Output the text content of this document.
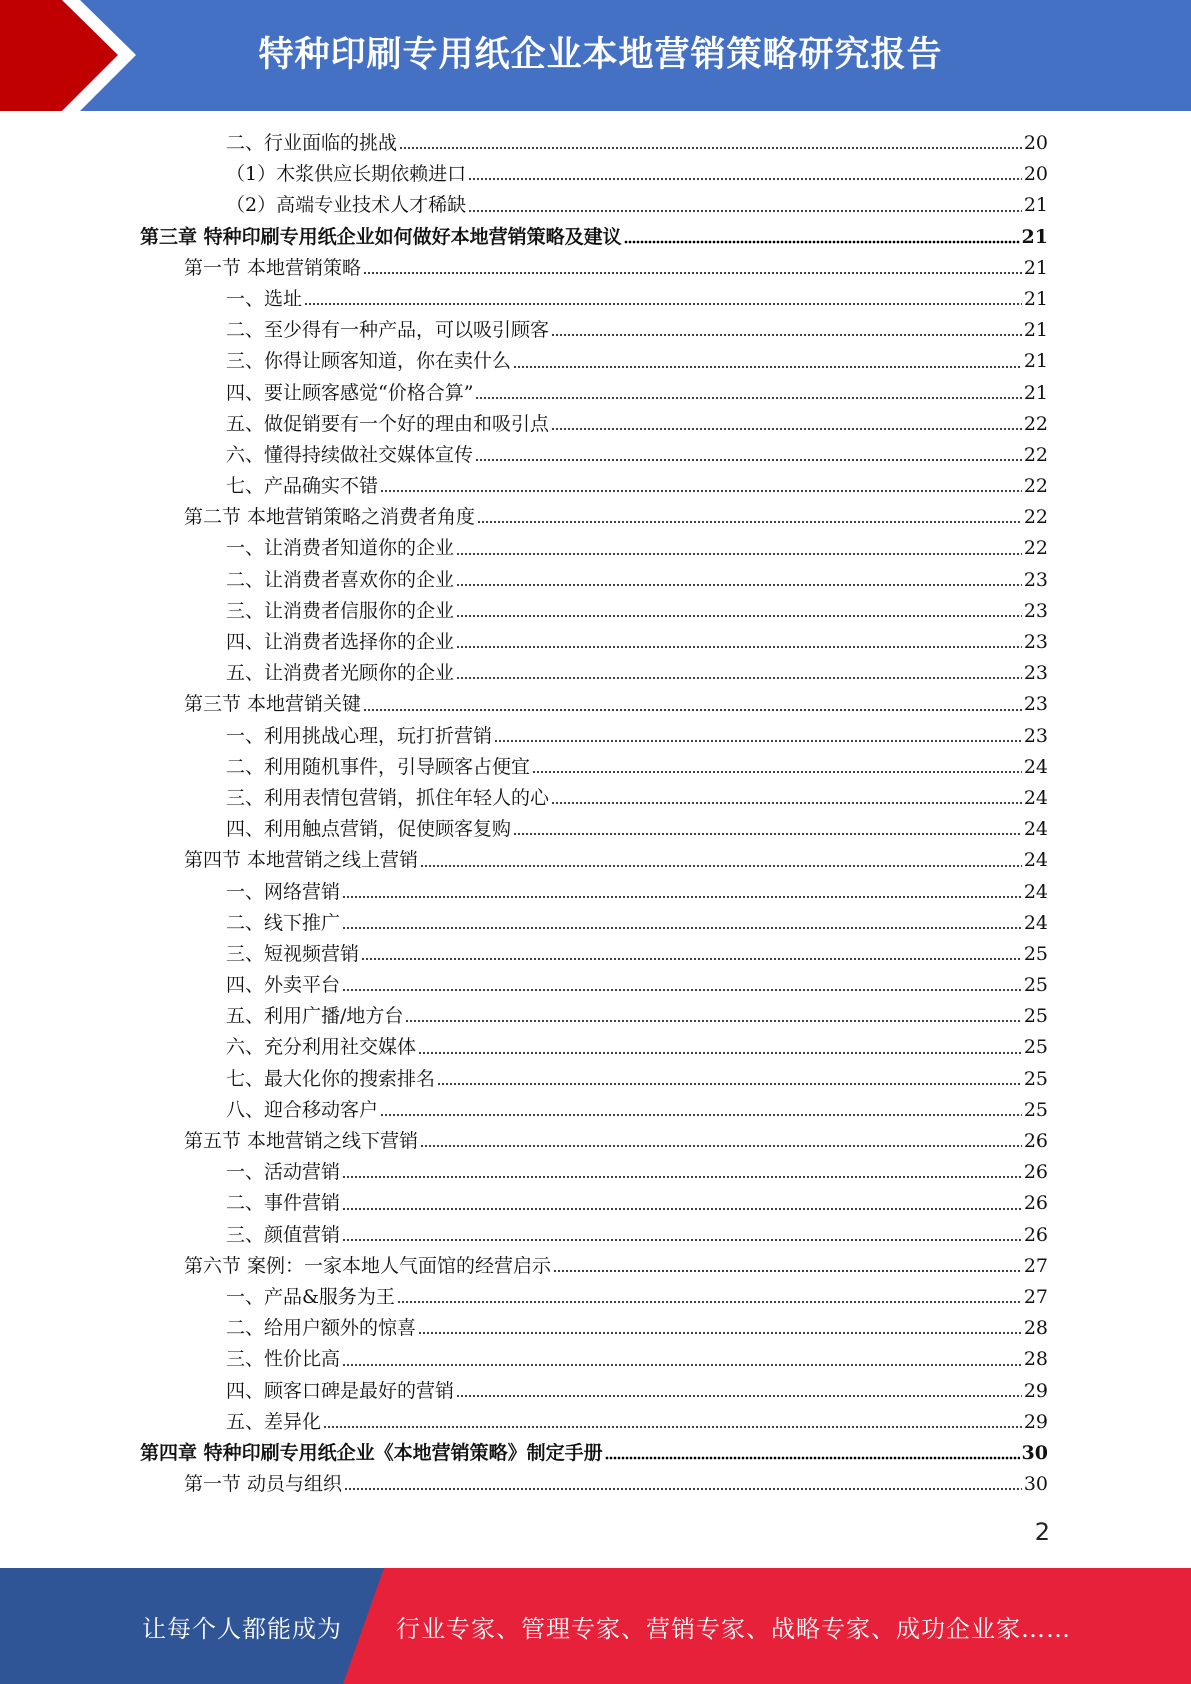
特种印刷专用纸企业本地营销策略研究报告
二、行业面临的挑战	20
（1）木浆供应长期依赖进口	20
（2）高端专业技术人才稀缺	21
第三章 特种印刷专用纸企业如何做好本地营销策略及建议	21
第一节 本地营销策略	21
一、选址	21
二、至少得有一种产品，可以吸引顾客	21
三、你得让顾客知道，你在卖什么	21
四、要让顾客感觉“价格合算”	21
五、做促销要有一个好的理由和吸引点	22
六、懂得持续做社交媒体宣传	22
七、产品确实不错	22
第二节 本地营销策略之消费者角度	22
一、让消费者知道你的企业	22
二、让消费者喜欢你的企业	23
三、让消费者信服你的企业	23
四、让消费者选择你的企业	23
五、让消费者光顾你的企业	23
第三节 本地营销关键	23
一、利用挑战心理，玩打折营销	23
二、利用随机事件，引导顾客占便宜	24
三、利用表情包营销，抓住年轻人的心	24
四、利用触点营销，促使顾客复购	24
第四节 本地营销之线上营销	24
一、网络营销	24
二、线下推广	24
三、短视频营销	25
四、外卖平台	25
五、利用广播/地方台	25
六、充分利用社交媒体	25
七、最大化你的搜索排名	25
八、迎合移动客户	25
第五节 本地营销之线下营销	26
一、活动营销	26
二、事件营销	26
三、颜值营销	26
第六节 案例：一家本地人气面馆的经营启示	27
一、产品&服务为王	27
二、给用户额外的惊喜	28
三、性价比高	28
四、顾客口碑是最好的营销	29
五、差异化	29
第四章 特种印刷专用纸企业《本地营销策略》制定手册	30
第一节 动员与组织	30
2
让每个人都能成为 行业专家、管理专家、营销专家、战略专家、成功企业家……
